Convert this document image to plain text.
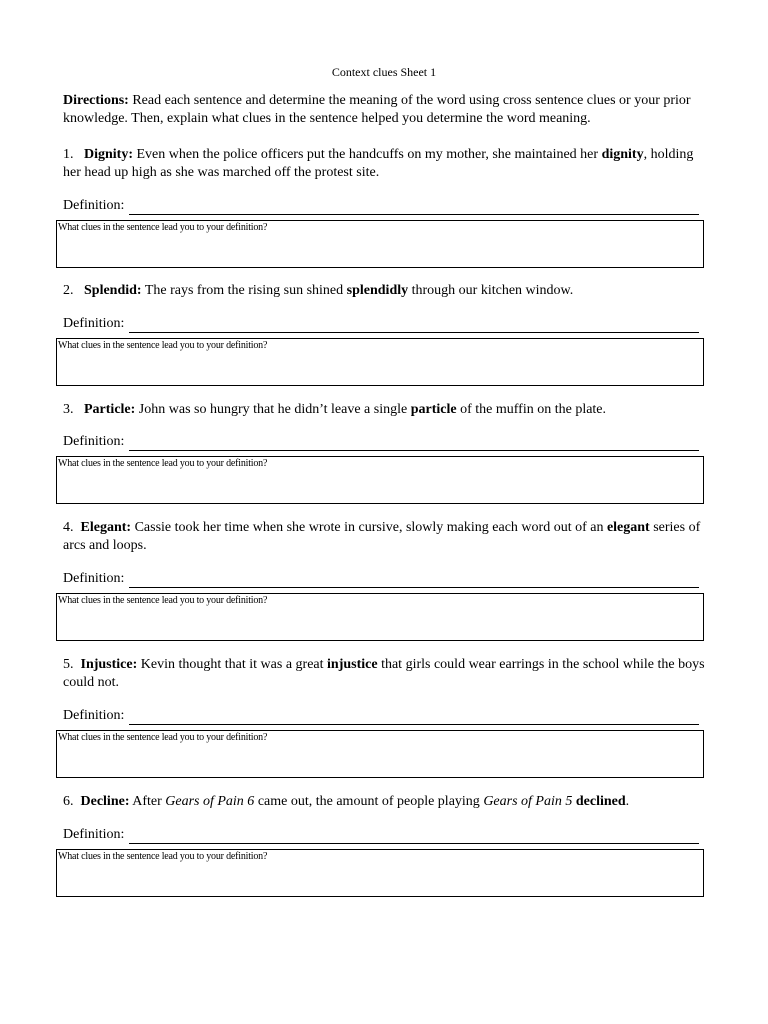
Context clues Sheet 1
Directions: Read each sentence and determine the meaning of the word using cross sentence clues or your prior knowledge. Then, explain what clues in the sentence helped you determine the word meaning.
1. Dignity: Even when the police officers put the handcuffs on my mother, she maintained her dignity, holding her head up high as she was marched off the protest site.
Definition:
What clues in the sentence lead you to your definition?
2. Splendid: The rays from the rising sun shined splendidly through our kitchen window.
Definition:
What clues in the sentence lead you to your definition?
3. Particle: John was so hungry that he didn’t leave a single particle of the muffin on the plate.
Definition:
What clues in the sentence lead you to your definition?
4. Elegant: Cassie took her time when she wrote in cursive, slowly making each word out of an elegant series of arcs and loops.
Definition:
What clues in the sentence lead you to your definition?
5. Injustice: Kevin thought that it was a great injustice that girls could wear earrings in the school while the boys could not.
Definition:
What clues in the sentence lead you to your definition?
6. Decline: After Gears of Pain 6 came out, the amount of people playing Gears of Pain 5 declined.
Definition:
What clues in the sentence lead you to your definition?
